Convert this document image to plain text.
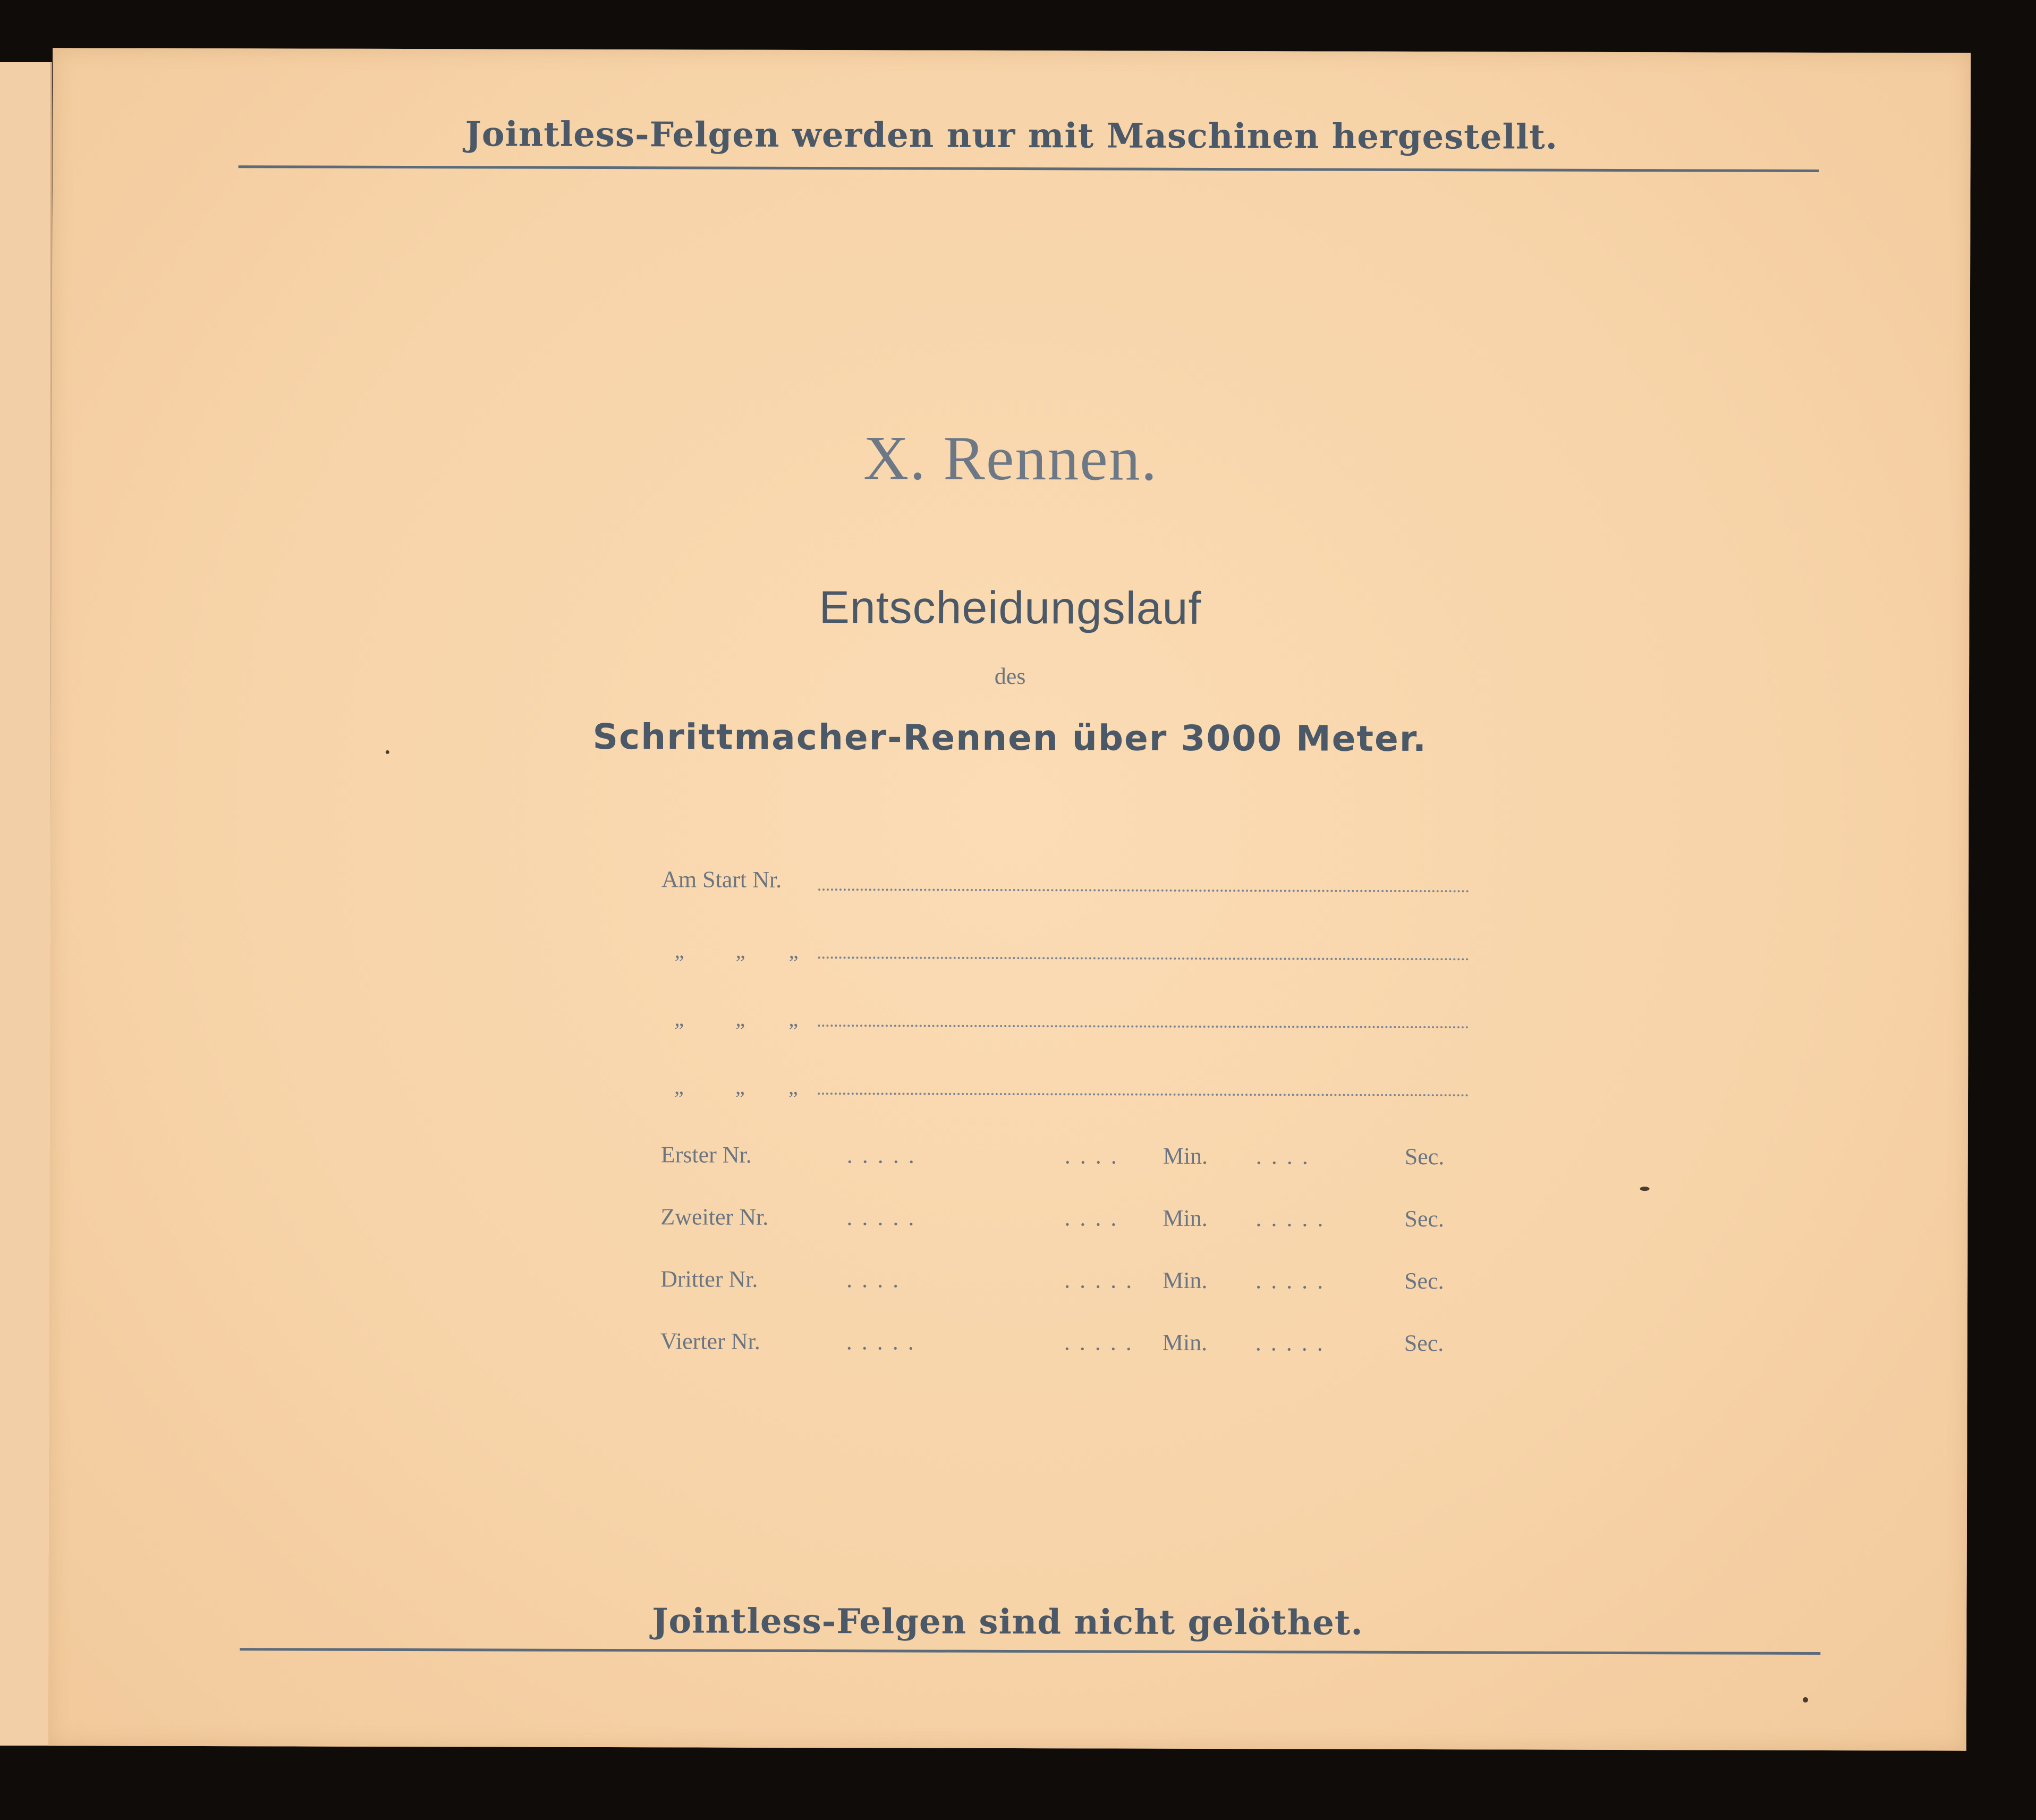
Jointless-Felgen werden nur mit Maschinen hergestellt.
X. Rennen.
Entscheidungslauf
des
Schrittmacher-Rennen über 3000 Meter.
Am Start Nr.
„ „ „
„ „ „
„ „ „
Erster Nr.	.....	.... Min. ....	Sec.
Zweiter Nr.	.....	.... Min. .....	Sec.
Dritter Nr.	....	..... Min. .....	Sec.
Vierter Nr.	.....	..... Min. .....	Sec.
Jointless-Felgen sind nicht gelöthet.
